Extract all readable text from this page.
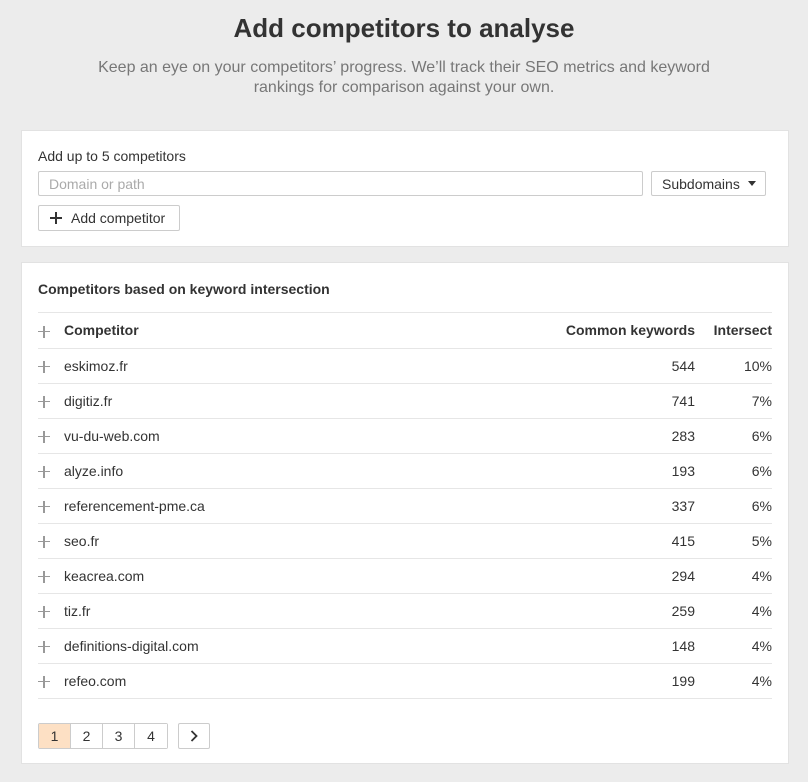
Add competitors to analyse

Keep an eye on your competitors’ progress. We’ll track their SEO metrics and keyword rankings for comparison against your own.

Add up to 5 competitors
Domain or path
Subdomains
Add competitor
Competitors based on keyword intersection
	Competitor	Common keywords	Intersect
	eskimoz.fr	544	10%
	digitiz.fr	741	7%
	vu-du-web.com	283	6%
	alyze.info	193	6%
	referencement-pme.ca	337	6%
	seo.fr	415	5%
	keacrea.com	294	4%
	tiz.fr	259	4%
	definitions-digital.com	148	4%
	refeo.com	199	4%
1	2	3	4
